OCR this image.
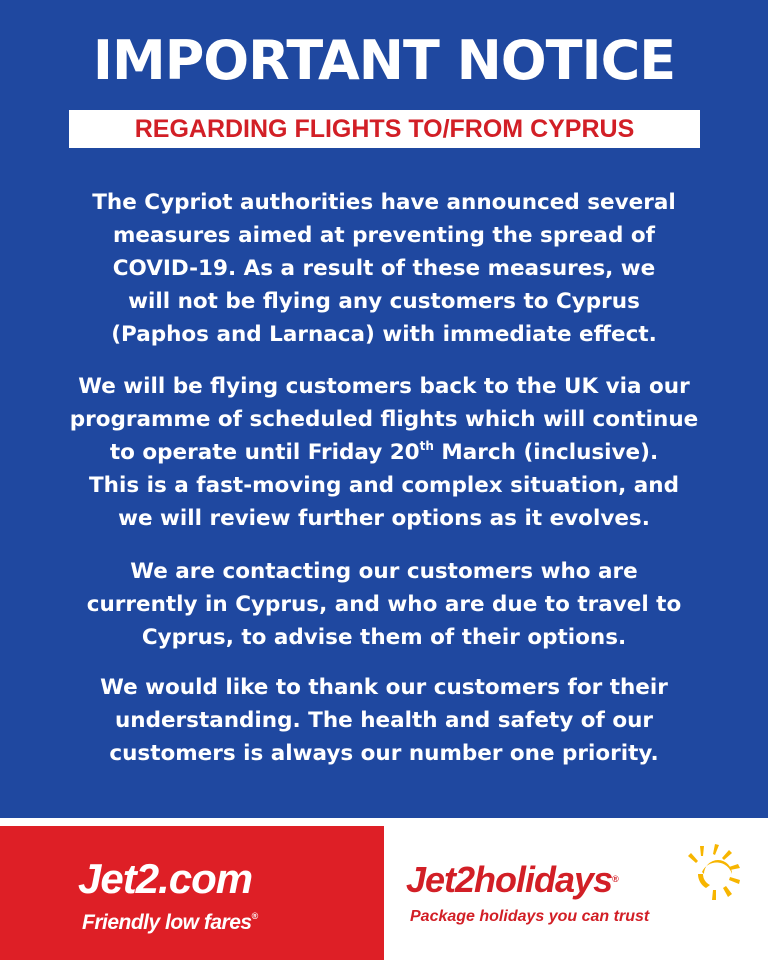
IMPORTANT NOTICE
REGARDING FLIGHTS TO/FROM CYPRUS

The Cypriot authorities have announced several
measures aimed at preventing the spread of
COVID-19. As a result of these measures, we
will not be flying any customers to Cyprus
(Paphos and Larnaca) with immediate effect.

We will be flying customers back to the UK via our
programme of scheduled flights which will continue
to operate until Friday 20th March (inclusive).
This is a fast-moving and complex situation, and
we will review further options as it evolves.

We are contacting our customers who are
currently in Cyprus, and who are due to travel to
Cyprus, to advise them of their options.

We would like to thank our customers for their
understanding. The health and safety of our
customers is always our number one priority.

Jet2.com
Friendly low fares®
Jet2holidays®
Package holidays you can trust
